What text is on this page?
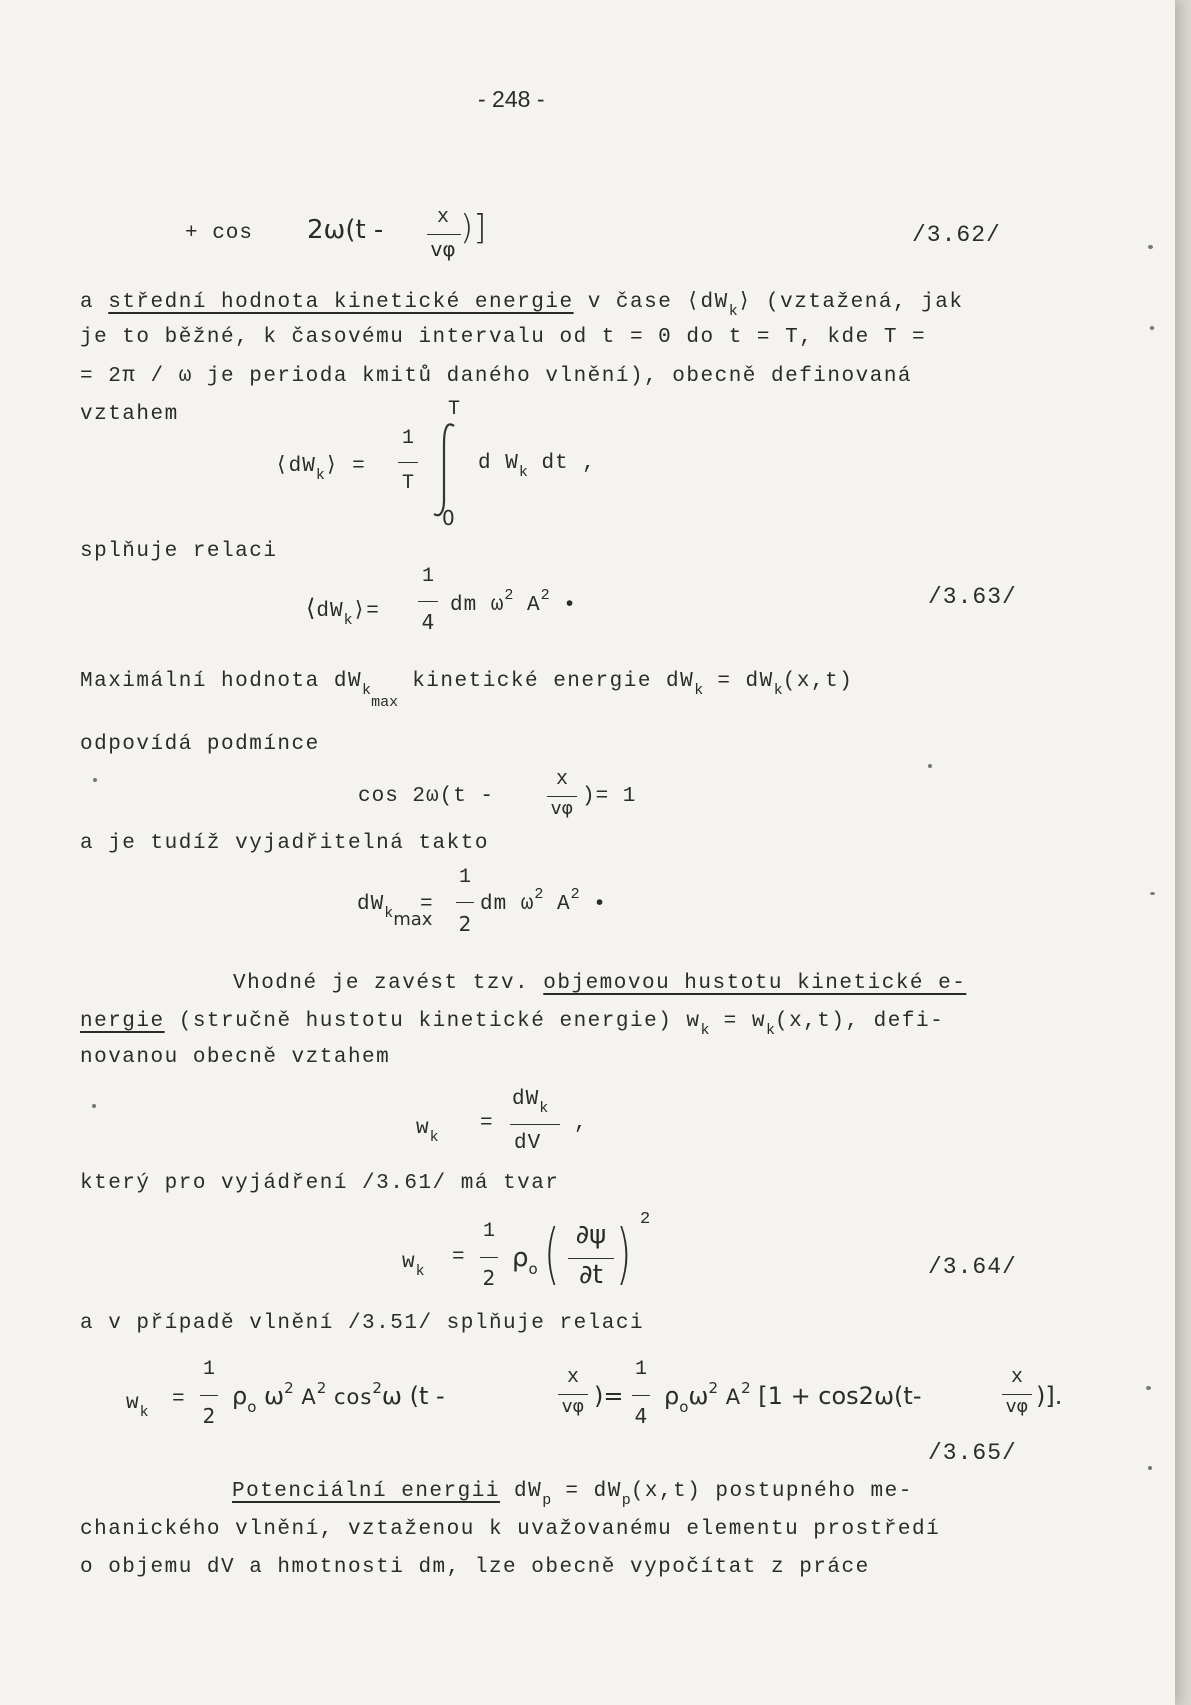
- 248 -
+ cos 2ω(t -	x
vφ
)]	/3.62/
a střední hodnota kinetické energie v čase $⟨dW_k⟩$ (vztažená, jak
je to běžné, k časovému intervalu od t = 0 do t = T, kde T =
= 2π / ω je perioda kmitů daného vlnění), obecně definovaná
vztahem
$⟨dW_k⟩$ =
1
T
T
0
d $W_k$ dt ,
splňuje relaci
$⟨dW_k⟩=$
1
4
dm $\omega^2$ $A^2$ •	/3.63/
Maximální hodnota $dW_{kmax}$ kinetické energie $dW_k = dW_k(x,t)$
odpovídá podmínce
cos 2ω(t -
x
vφ
)= 1
a je tudíž vyjadřitelná takto
$dW_k\max$
=
1
2
dm $\omega^2$ $A^2$ •
Vhodné je zavést tzv. objemovou hustotu kinetické e-
nergie (stručně hustotu kinetické energie) $w_k = w_k(x,t)$, defi-
novanou obecně vztahem
$w_k$
=
$dW_k$
dV
,
který pro vyjádření /3.61/ má tvar
$w_k$
=
1
2
$\rho_o$ ( ∂ψ
∂t ) 2
/3.64/
a v případě vlnění /3.51/ splňuje relaci
$w_k$
=
1
2
$\rho_o$ $\omega^2$ $A^2$ $\cos^2\omega$ (t -
x
vφ )=
1
4
$\rho_o\omega^2$ $A^2$ [1 + cos2ω(t-
x
vφ )].
/3.65/
Potenciální energii $dW_p = dW_p(x,t)$ postupného me-
chanického vlnění, vztaženou k uvažovanému elementu prostředí
o objemu dV a hmotnosti dm, lze obecně vypočítat z práce
